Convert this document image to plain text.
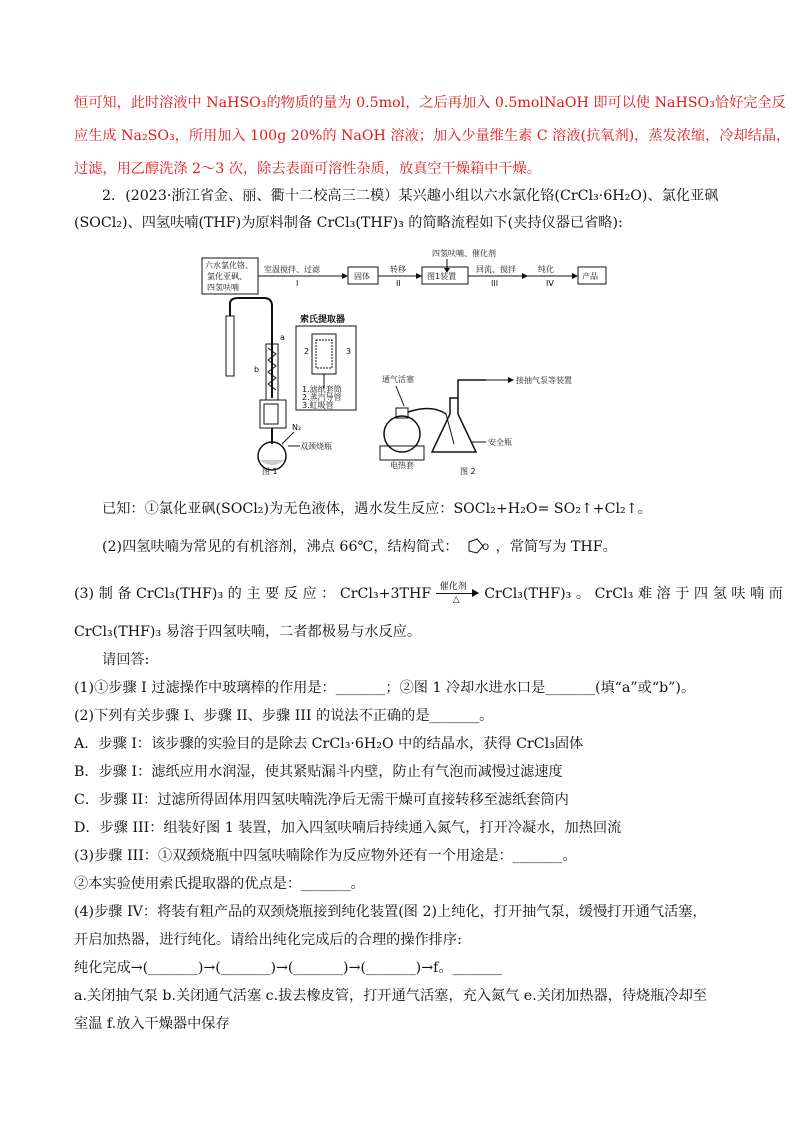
恒可知，此时溶液中 NaHSO₃的物质的量为 0.5mol，之后再加入 0.5molNaOH 即可以使 NaHSO₃恰好完全反
应生成 Na₂SO₃，所用加入 100g 20%的 NaOH 溶液；加入少量维生素 C 溶液(抗氧剂)，蒸发浓缩，冷却结晶，
过滤，用乙醇洗涤 2～3 次，除去表面可溶性杂质，放真空干燥箱中干燥。
2．(2023·浙江省金、丽、衢十二校高三二模）某兴趣小组以六水氯化铬(CrCl₃·6H₂O)、氯化亚砜
(SOCl₂)、四氢呋喃(THF)为原料制备 CrCl₃(THF)₃ 的简略流程如下(夹持仪器已省略):
四氢呋喃、催化剂
六水氯化铬、
氯化亚砜、
四氢呋喃
室温搅拌、过滤
I
固体
转移
II
图1装置
回流、搅拌
III
纯化
IV
产品
a
b
N₂
双颈烧瓶
图 1
索氏提取器
3
2
1.滤纸套筒
2.蒸汽导管
3.虹吸管
通气活塞
电热套
接抽气泵等装置
安全瓶
图 2
已知：①氯化亚砜(SOCl₂)为无色液体，遇水发生反应：SOCl₂+H₂O= SO₂↑+Cl₂↑。
(2)四氢呋喃为常见的有机溶剂，沸点 66℃，结构简式：	O ，常简写为 THF。
(3) 制 备 CrCl₃(THF)₃ 的 主 要 反 应 ： CrCl₃+3THF 催化剂
△ CrCl₃(THF)₃ 。 CrCl₃ 难 溶 于 四 氢 呋 喃 而
CrCl₃(THF)₃ 易溶于四氢呋喃，二者都极易与水反应。
请回答:
(1)①步骤 I 过滤操作中玻璃棒的作用是：_______；②图 1 冷却水进水口是_______(填“a”或“b”)。
(2)下列有关步骤 I、步骤 II、步骤 III 的说法不正确的是_______。
A．步骤 I：该步骤的实验目的是除去 CrCl₃·6H₂O 中的结晶水，获得 CrCl₃固体
B．步骤 I：滤纸应用水润湿，使其紧贴漏斗内壁，防止有气泡而减慢过滤速度
C．步骤 II：过滤所得固体用四氢呋喃洗净后无需干燥可直接转移至滤纸套筒内
D．步骤 III：组装好图 1 装置，加入四氢呋喃后持续通入氮气，打开冷凝水，加热回流
(3)步骤 III：①双颈烧瓶中四氢呋喃除作为反应物外还有一个用途是：_______。
②本实验使用索氏提取器的优点是：_______。
(4)步骤 IV：将装有粗产品的双颈烧瓶接到纯化装置(图 2)上纯化，打开抽气泵，缓慢打开通气活塞，
开启加热器，进行纯化。请给出纯化完成后的合理的操作排序:
纯化完成→(_______)→(_______)→(_______)→(_______)→f。_______
a.关闭抽气泵 b.关闭通气活塞 c.拔去橡皮管，打开通气活塞，充入氮气 e.关闭加热器，待烧瓶冷却至
室温 f.放入干燥器中保存
